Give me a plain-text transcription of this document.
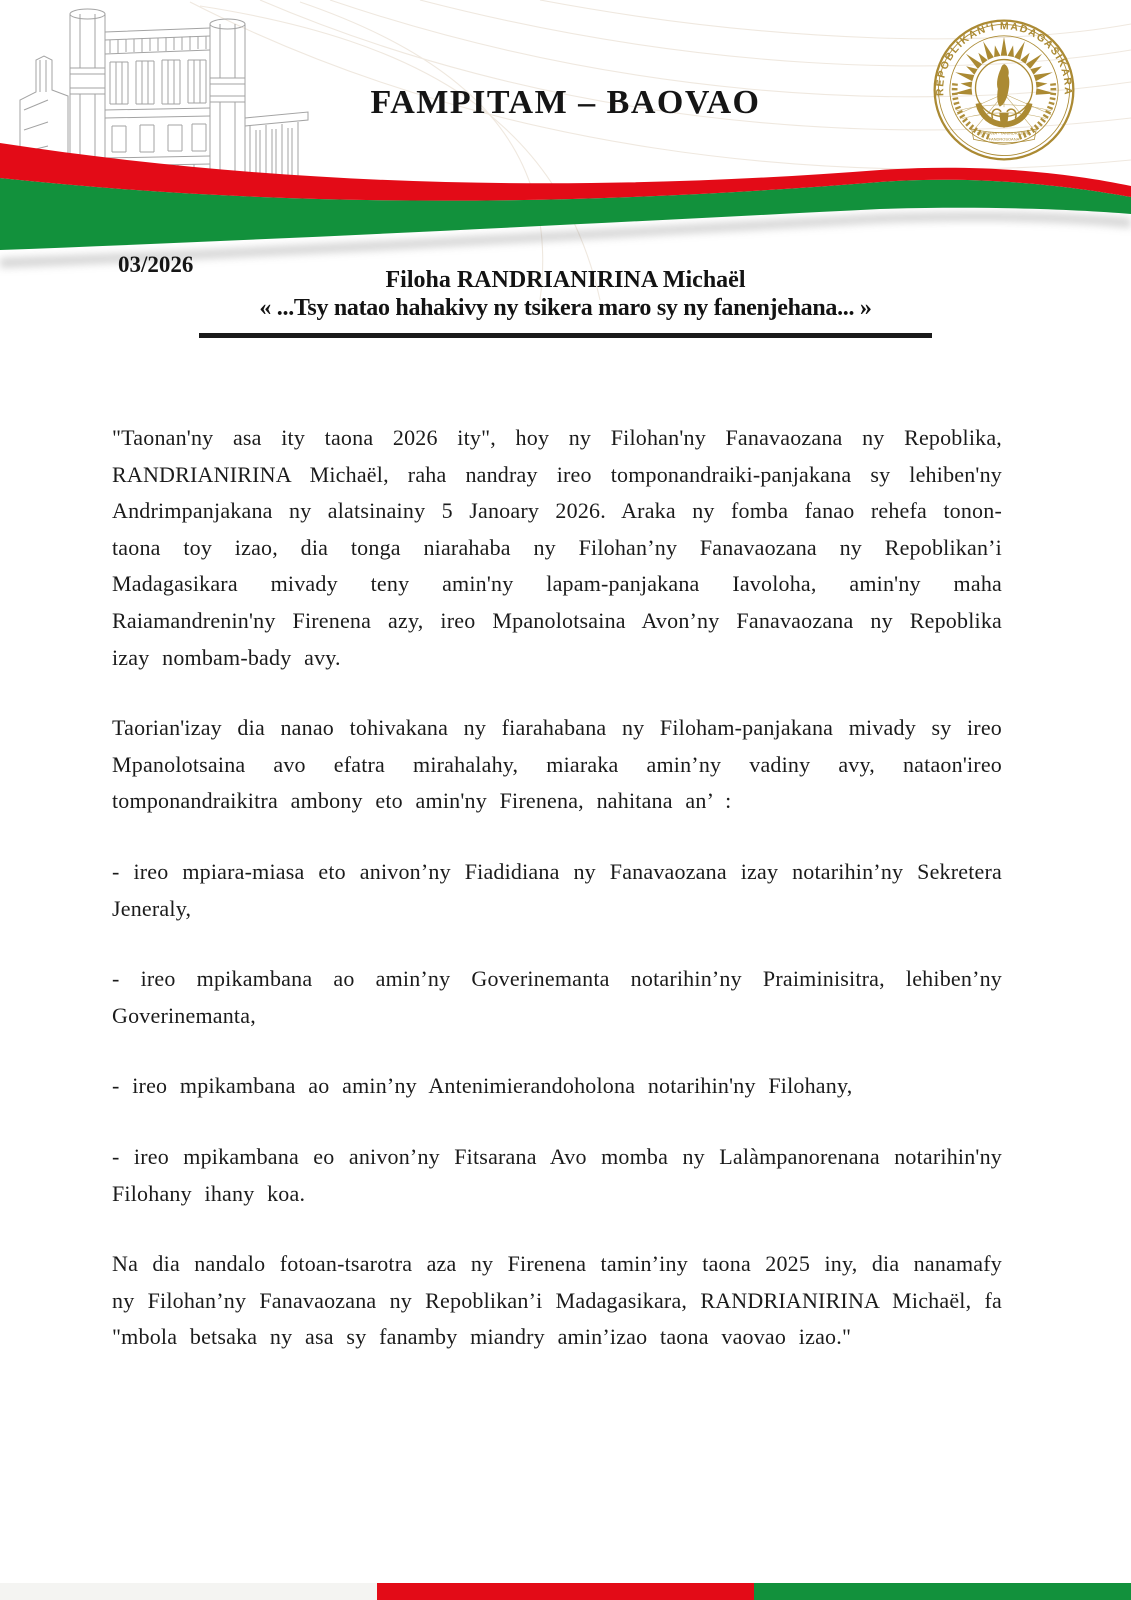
REPOBLIKAN'I MADAGASIKARA
FITIAVANA - TANINDRAZANA
FANDROSOANA
FAMPITAM – BAOVAO
03/2026
Filoha RANDRIANIRINA Michaël
« ...Tsy natao hahakivy ny tsikera maro sy ny fanenjehana... »

"Taonan'ny asa ity taona 2026 ity", hoy ny Filohan'ny Fanavaozana ny Repoblika, RANDRIANIRINA Michaël, raha nandray ireo tomponandraiki-panjakana sy lehiben'ny Andrimpanjakana ny alatsinainy 5 Janoary 2026. Araka ny fomba fanao rehefa tonon-taona toy izao, dia tonga niarahaba ny Filohan’ny Fanavaozana ny Repoblikan’i Madagasikara mivady teny amin'ny lapam-panjakana Iavoloha, amin'ny maha Raiamandrenin'ny Firenena azy, ireo Mpanolotsaina Avon’ny Fanavaozana ny Repoblika izay nombam-bady avy.

Taorian'izay dia nanao tohivakana ny fiarahabana ny Filoham-panjakana mivady sy ireo Mpanolotsaina avo efatra mirahalahy, miaraka amin’ny vadiny avy, nataon'ireo tomponandraikitra ambony eto amin'ny Firenena, nahitana an’ :

- ireo mpiara-miasa eto anivon’ny Fiadidiana ny Fanavaozana izay notarihin’ny Sekretera Jeneraly,

- ireo mpikambana ao amin’ny Goverinemanta notarihin’ny Praiminisitra, lehiben’ny Goverinemanta,

- ireo mpikambana ao amin’ny Antenimierandoholona notarihin'ny Filohany,

- ireo mpikambana eo anivon’ny Fitsarana Avo momba ny Lalàmpanorenana notarihin'ny Filohany ihany koa.

Na dia nandalo fotoan-tsarotra aza ny Firenena tamin’iny taona 2025 iny, dia nanamafy ny Filohan’ny Fanavaozana ny Repoblikan’i Madagasikara, RANDRIANIRINA Michaël, fa "mbola betsaka ny asa sy fanamby miandry amin’izao taona vaovao izao."
